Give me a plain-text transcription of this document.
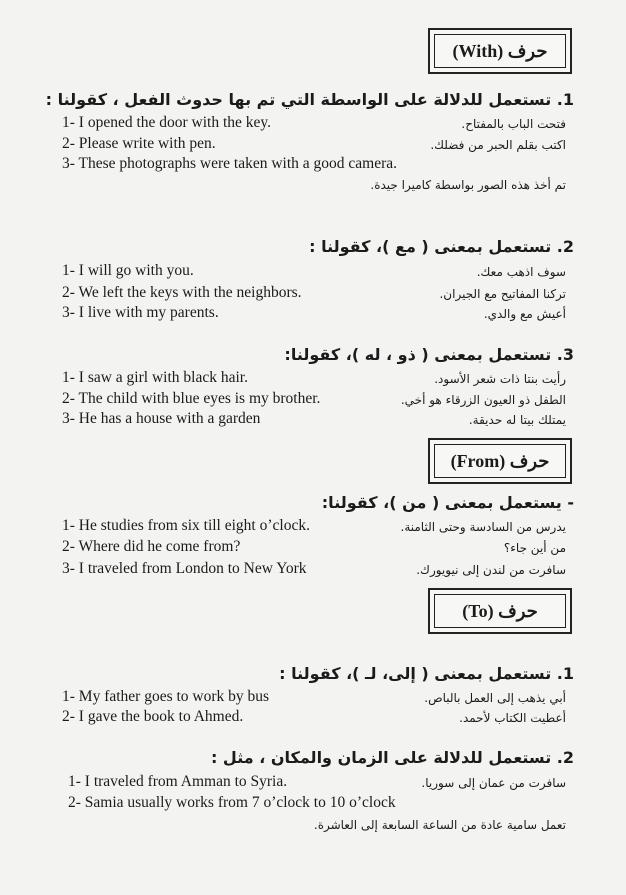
حرف (With)
1. تستعمل للدلالة على الواسطة التي تم بها حدوث الفعل ، كقولنا :
1- I opened the door with the key.	فتحت الباب بالمفتاح.
2- Please write with pen.	اكتب بقلم الحبر من فضلك.
3- These photographs were taken with a good camera.
تم أخذ هذه الصور بواسطة كاميرا جيدة.
2. تستعمل بمعنى ( مع )، كقولنا :
1- I will go with you.	سوف اذهب معك.
2- We left the keys with the neighbors.	تركنا المفاتيح مع الجيران.
3- I live with my parents.	أعيش مع والدي.
3. تستعمل بمعنى ( ذو ، له )، كقولنا:
1- I saw a girl with black hair.	رأيت بنتا ذات شعر الأسود.
2- The child with blue eyes is my brother.	الطفل ذو العيون الزرقاء هو أخي.
3- He has a house with a garden	يمتلك بيتا له حديقة.
حرف (From)
- يستعمل بمعنى ( من )، كقولنا:
1- He studies from six till eight o’clock.	يدرس من السادسة وحتى الثامنة.
2- Where did he come from?	من أين جاء؟
3- I traveled from London to New York	سافرت من لندن إلى نيويورك.
حرف (To)
1. تستعمل بمعنى ( إلى، لـ )، كقولنا :
1- My father goes to work by bus	أبي يذهب إلى العمل بالباص.
2- I gave the book to Ahmed.	أعطيت الكتاب لأحمد.
2. تستعمل للدلالة على الزمان والمكان ، مثل :
1- I traveled from Amman to Syria.	سافرت من عمان إلى سوريا.
2- Samia usually works from 7 o’clock to 10 o’clock
تعمل سامية عادة من الساعة السابعة إلى العاشرة.
